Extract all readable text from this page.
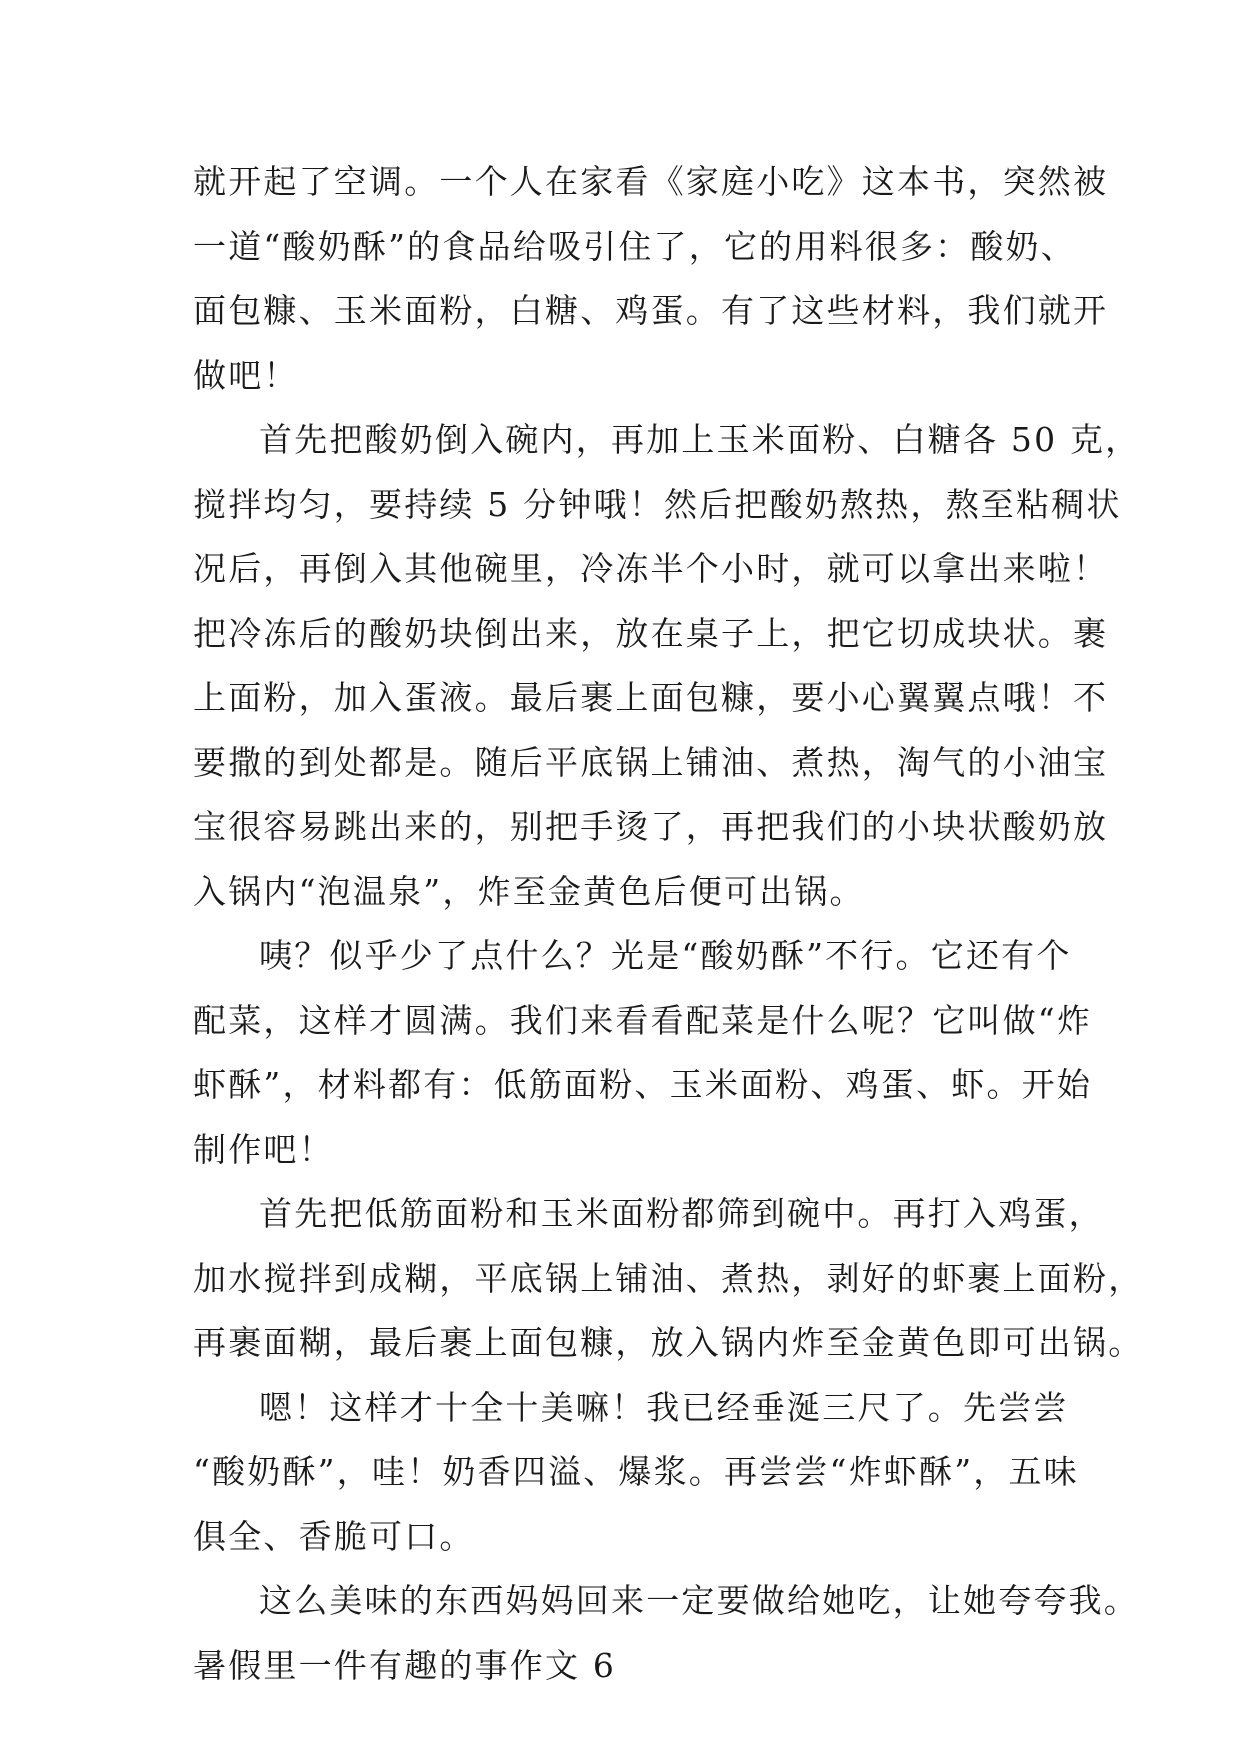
就开起了空调。一个人在家看《家庭小吃》这本书，突然被
一道“酸奶酥”的食品给吸引住了，它的用料很多：酸奶、
面包糠、玉米面粉，白糖、鸡蛋。有了这些材料，我们就开
做吧！
首先把酸奶倒入碗内，再加上玉米面粉、白糖各 50 克，
搅拌均匀，要持续 5 分钟哦！然后把酸奶熬热，熬至粘稠状
况后，再倒入其他碗里，冷冻半个小时，就可以拿出来啦！
把冷冻后的酸奶块倒出来，放在桌子上，把它切成块状。裹
上面粉，加入蛋液。最后裹上面包糠，要小心翼翼点哦！不
要撒的到处都是。随后平底锅上铺油、煮热，淘气的小油宝
宝很容易跳出来的，别把手烫了，再把我们的小块状酸奶放
入锅内“泡温泉”，炸至金黄色后便可出锅。
咦？似乎少了点什么？光是“酸奶酥”不行。它还有个
配菜，这样才圆满。我们来看看配菜是什么呢？它叫做“炸
虾酥”，材料都有：低筋面粉、玉米面粉、鸡蛋、虾。开始
制作吧！
首先把低筋面粉和玉米面粉都筛到碗中。再打入鸡蛋，
加水搅拌到成糊，平底锅上铺油、煮热，剥好的虾裹上面粉，
再裹面糊，最后裹上面包糠，放入锅内炸至金黄色即可出锅。
嗯！这样才十全十美嘛！我已经垂涎三尺了。先尝尝
“酸奶酥”，哇！奶香四溢、爆浆。再尝尝“炸虾酥”，五味
俱全、香脆可口。
这么美味的东西妈妈回来一定要做给她吃，让她夸夸我。
暑假里一件有趣的事作文 6
